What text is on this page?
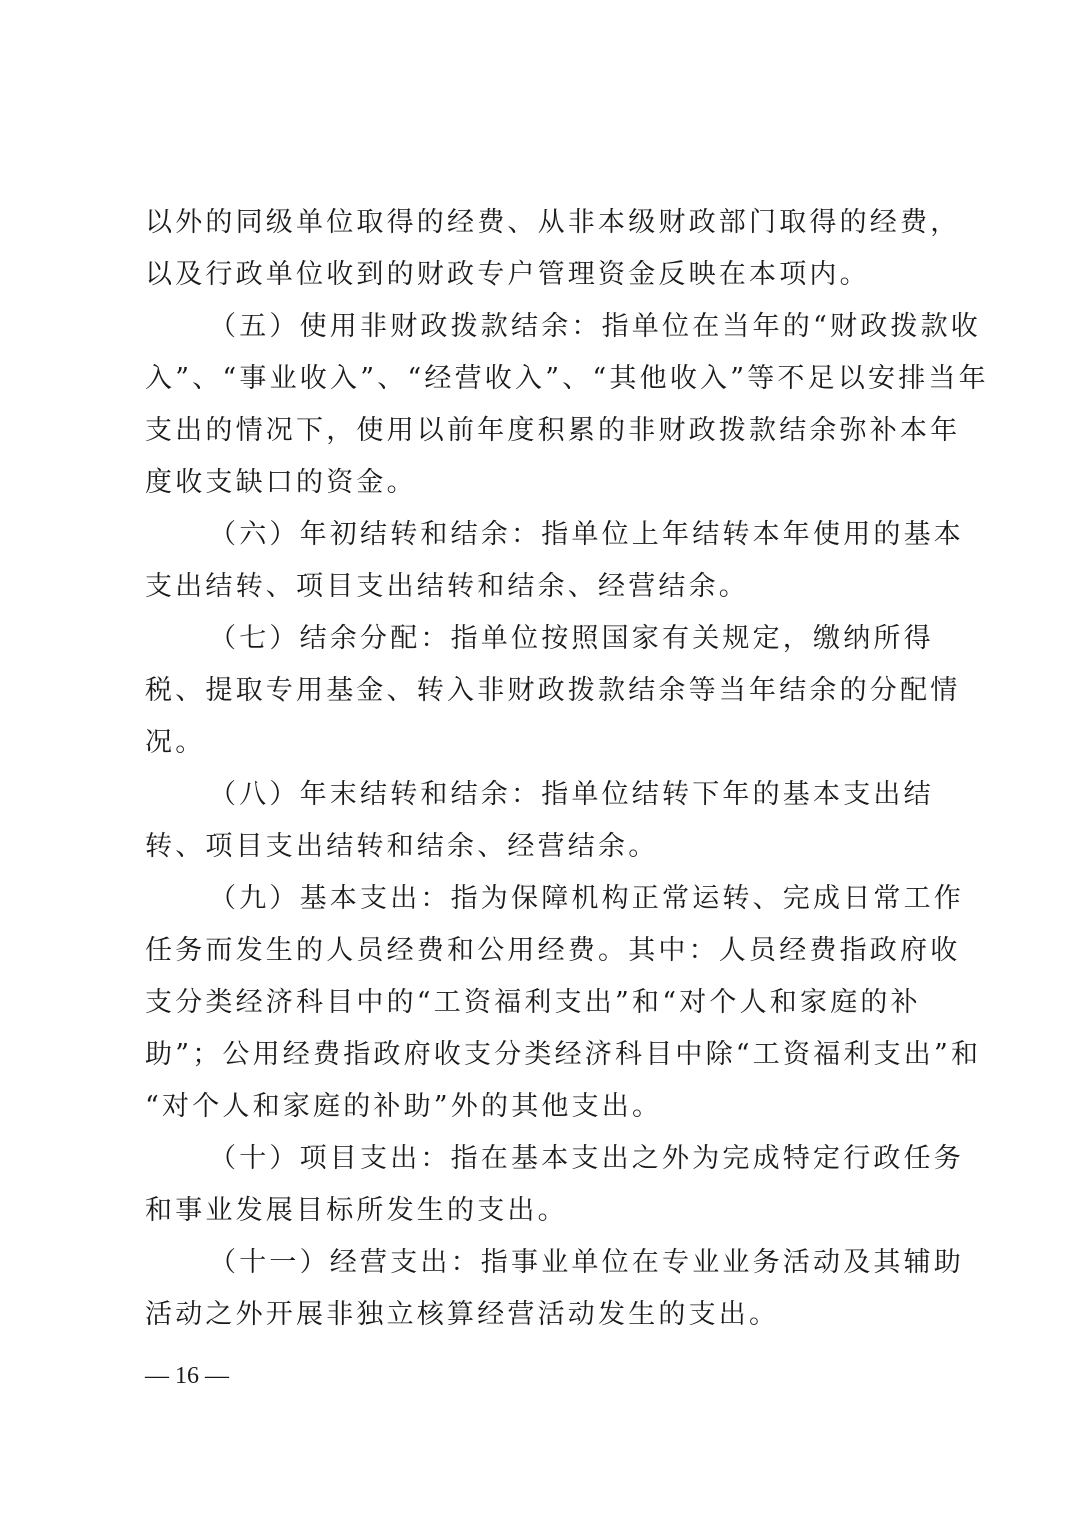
以外的同级单位取得的经费、从非本级财政部门取得的经费，
以及行政单位收到的财政专户管理资金反映在本项内。
（五）使用非财政拨款结余：指单位在当年的“财政拨款收
入”、“事业收入”、“经营收入”、“其他收入”等不足以安排当年
支出的情况下，使用以前年度积累的非财政拨款结余弥补本年
度收支缺口的资金。
（六）年初结转和结余：指单位上年结转本年使用的基本
支出结转、项目支出结转和结余、经营结余。
（七）结余分配：指单位按照国家有关规定，缴纳所得
税、提取专用基金、转入非财政拨款结余等当年结余的分配情
况。
（八）年末结转和结余：指单位结转下年的基本支出结
转、项目支出结转和结余、经营结余。
（九）基本支出：指为保障机构正常运转、完成日常工作
任务而发生的人员经费和公用经费。其中：人员经费指政府收
支分类经济科目中的“工资福利支出”和“对个人和家庭的补
助”；公用经费指政府收支分类经济科目中除“工资福利支出”和
“对个人和家庭的补助”外的其他支出。
（十）项目支出：指在基本支出之外为完成特定行政任务
和事业发展目标所发生的支出。
（十一）经营支出：指事业单位在专业业务活动及其辅助
活动之外开展非独立核算经营活动发生的支出。
— 16 —
